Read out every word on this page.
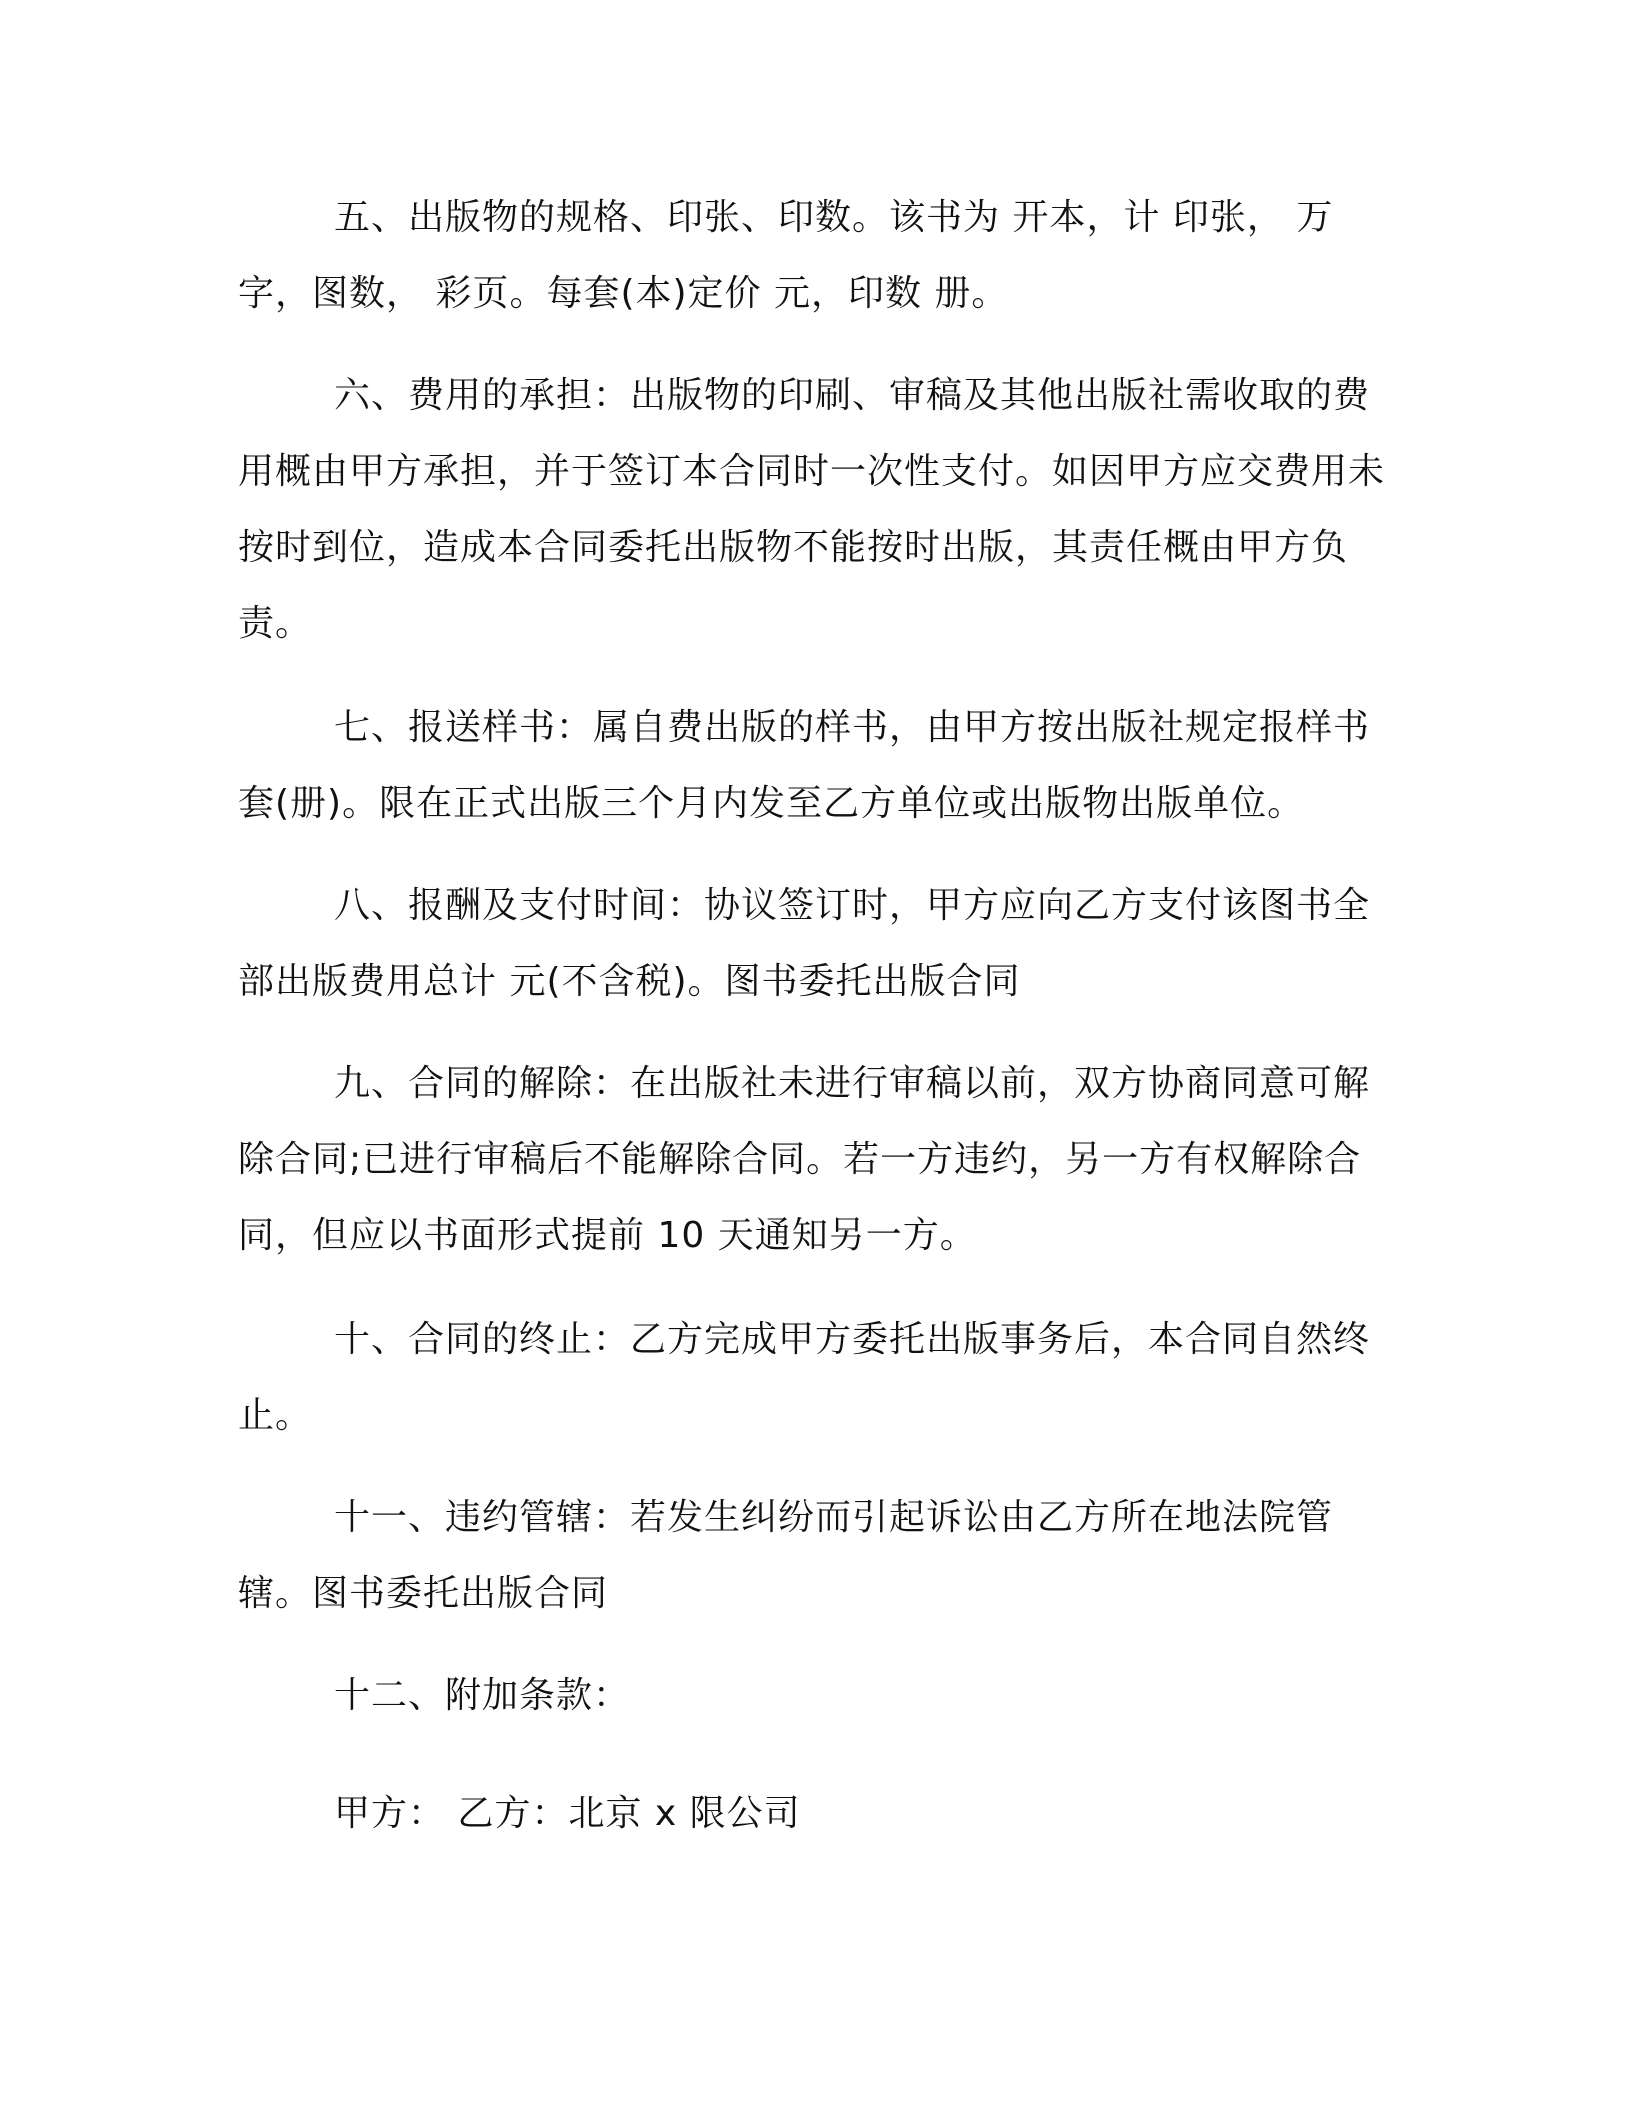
五、出版物的规格、印张、印数。该书为 开本，计 印张， 万字，图数， 彩页。每套(本)定价 元，印数 册。

六、费用的承担：出版物的印刷、审稿及其他出版社需收取的费用概由甲方承担，并于签订本合同时一次性支付。如因甲方应交费用未按时到位，造成本合同委托出版物不能按时出版，其责任概由甲方负责。

七、报送样书：属自费出版的样书，由甲方按出版社规定报样书套(册)。限在正式出版三个月内发至乙方单位或出版物出版单位。

八、报酬及支付时间：协议签订时，甲方应向乙方支付该图书全部出版费用总计 元(不含税)。图书委托出版合同

九、合同的解除：在出版社未进行审稿以前，双方协商同意可解除合同;已进行审稿后不能解除合同。若一方违约，另一方有权解除合同，但应以书面形式提前 10 天通知另一方。

十、合同的终止：乙方完成甲方委托出版事务后，本合同自然终止。

十一、违约管辖：若发生纠纷而引起诉讼由乙方所在地法院管辖。图书委托出版合同

十二、附加条款：

甲方： 乙方：北京 x 限公司
